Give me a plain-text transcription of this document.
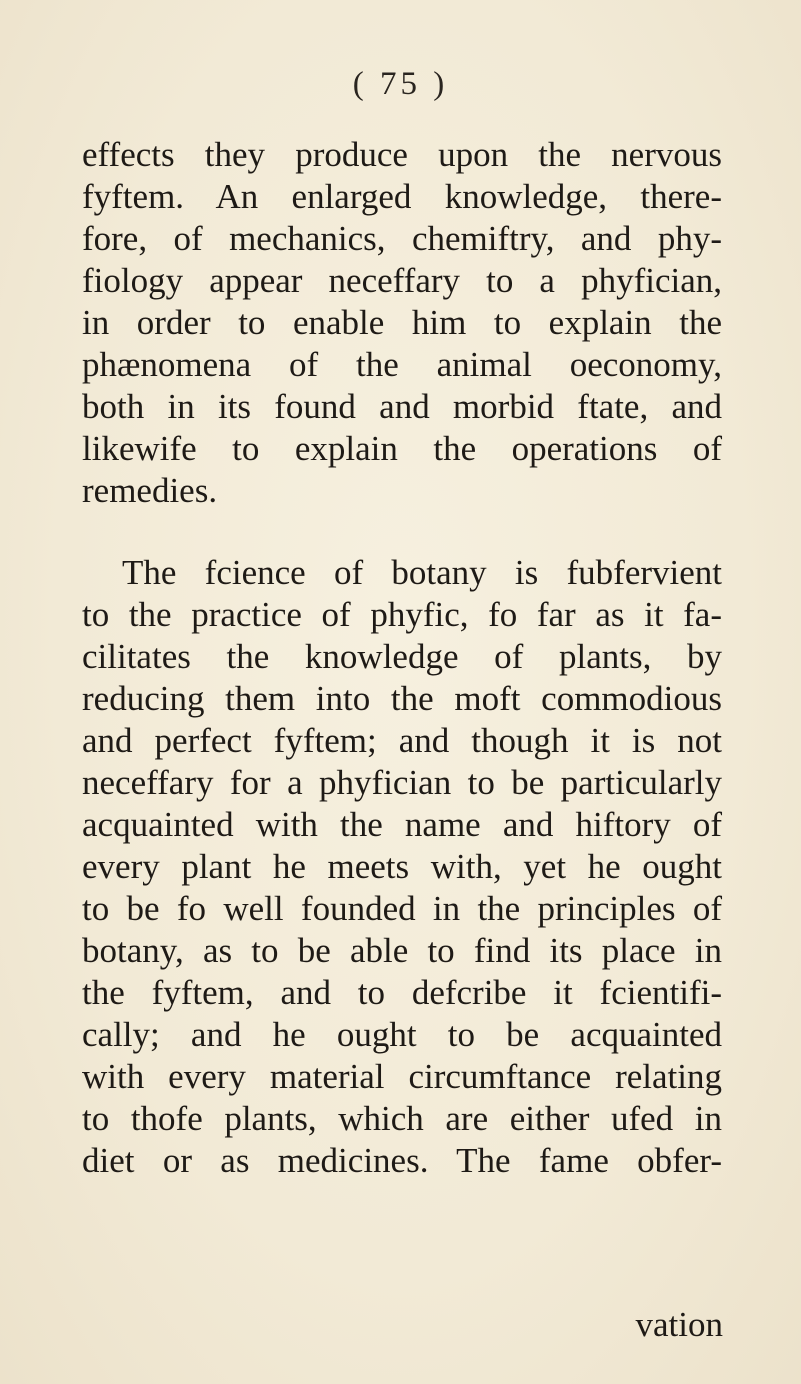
( 75 )
effects they produce upon the nervous
fyftem. An enlarged knowledge, there-
fore, of mechanics, chemiftry, and phy-
fiology appear neceffary to a phyfician,
in order to enable him to explain the
phænomena of the animal oeconomy,
both in its found and morbid ftate, and
likewife to explain the operations of
remedies.
The fcience of botany is fubfervient
to the practice of phyfic, fo far as it fa-
cilitates the knowledge of plants, by
reducing them into the moft commodious
and perfect fyftem; and though it is not
neceffary for a phyfician to be particularly
acquainted with the name and hiftory of
every plant he meets with, yet he ought
to be fo well founded in the principles of
botany, as to be able to find its place in
the fyftem, and to defcribe it fcientifi-
cally; and he ought to be acquainted
with every material circumftance relating
to thofe plants, which are either ufed in
diet or as medicines. The fame obfer-
vation
